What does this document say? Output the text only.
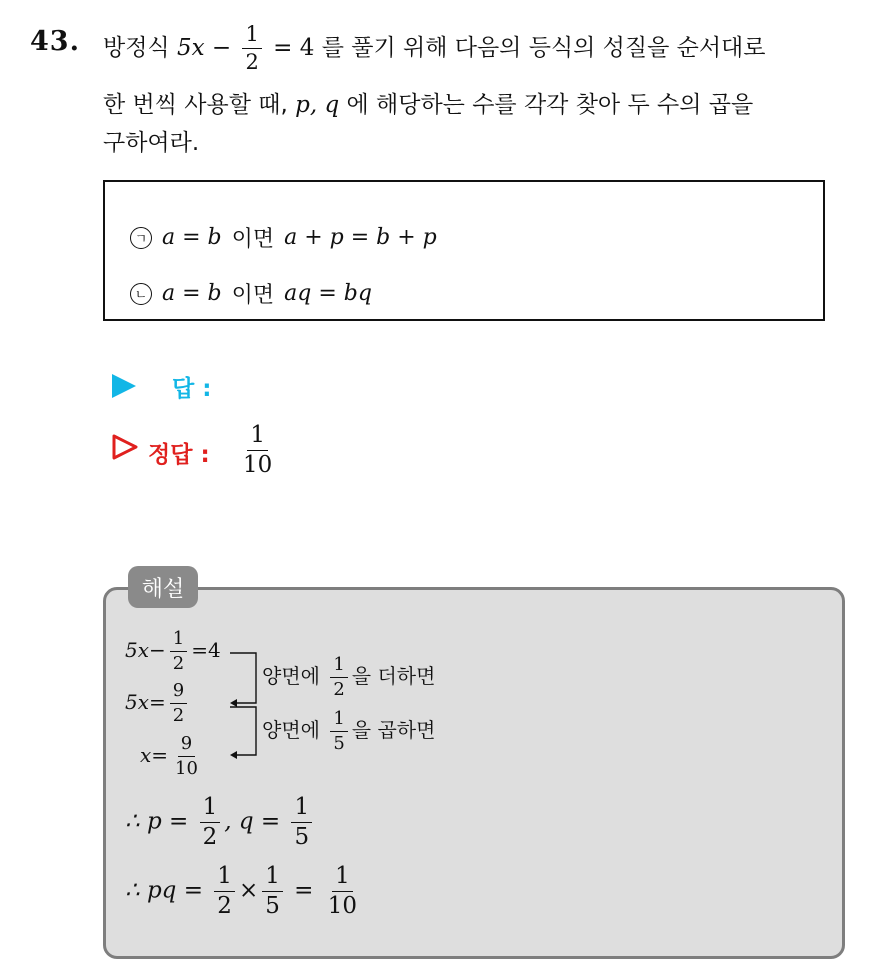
43. 방정식 $5x - \frac{1}{2} = 4$ 를 풀기 위해 다음의 등식의 성질을 순서대로
한 번씩 사용할 때, p, q 에 해당하는 수를 각각 찾아 두 수의 곱을
구하여라.
ㄱ a = b 이면 a + p = b + p
ㄴ a = b 이면 aq = bq
답 :
정답 : $\frac{1}{10}$
해설
$5x- \frac{1}{2} =4$
$5x= \frac{9}{2}$
$x= \frac{9}{10}$
양면에 $\frac{1}{2}$ 을 더하면
양면에 $\frac{1}{5}$ 을 곱하면
∴ $p = \frac{1}{2}$ , $q = \frac{1}{5}$
∴ pq = $\frac{1}{2} \times \frac{1}{5} = \frac{1}{10}$
